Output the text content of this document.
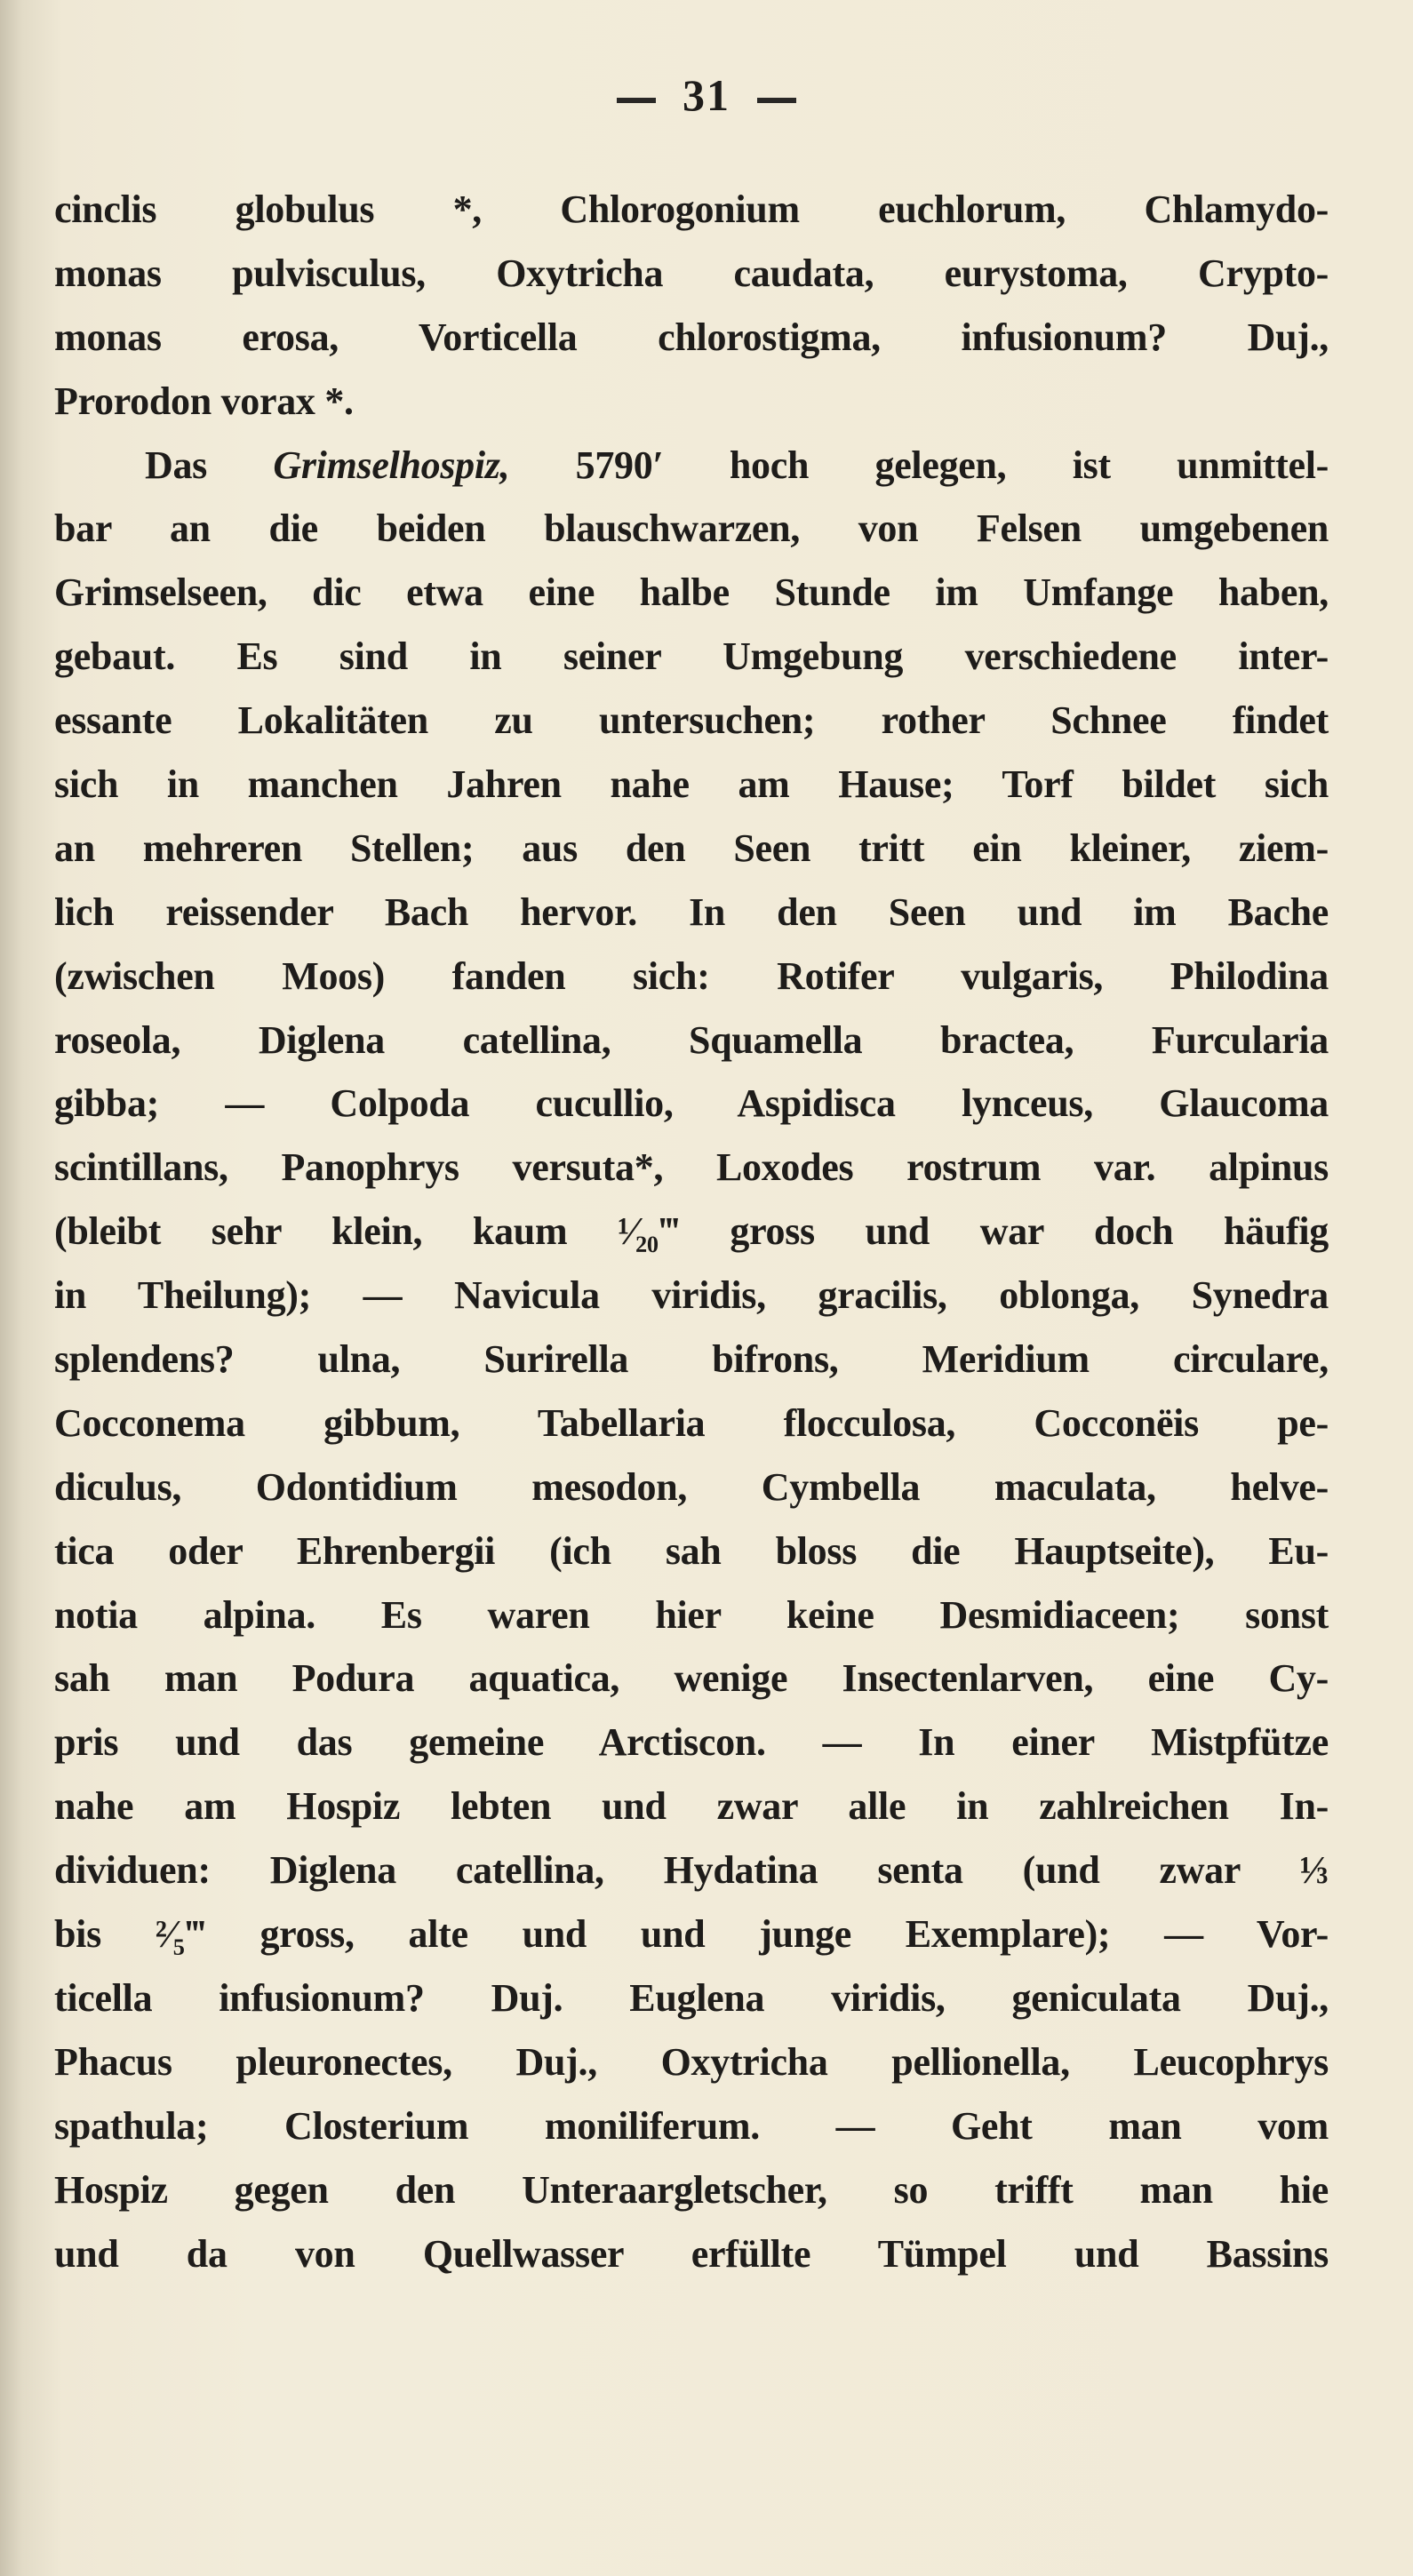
31
cinclis globulus *, Chlorogonium euchlorum, Chlamydo-
monas pulvisculus, Oxytricha caudata, eurystoma, Crypto-
monas erosa, Vorticella chlorostigma, infusionum? Duj.,
Prorodon vorax *.
Das Grimselhospiz, 5790′ hoch gelegen, ist unmittel-
bar an die beiden blauschwarzen, von Felsen umgebenen
Grimselseen, dic etwa eine halbe Stunde im Umfange haben,
gebaut. Es sind in seiner Umgebung verschiedene inter-
essante Lokalitäten zu untersuchen; rother Schnee findet
sich in manchen Jahren nahe am Hause; Torf bildet sich
an mehreren Stellen; aus den Seen tritt ein kleiner, ziem-
lich reissender Bach hervor. In den Seen und im Bache
(zwischen Moos) fanden sich: Rotifer vulgaris, Philodina
roseola, Diglena catellina, Squamella bractea, Furcularia
gibba; — Colpoda cucullio, Aspidisca lynceus, Glaucoma
scintillans, Panophrys versuta*, Loxodes rostrum var. alpinus
(bleibt sehr klein, kaum ¹⁄₂₀‴ gross und war doch häufig
in Theilung); — Navicula viridis, gracilis, oblonga, Synedra
splendens? ulna, Surirella bifrons, Meridium circulare,
Cocconema gibbum, Tabellaria flocculosa, Cocconëis pe-
diculus, Odontidium mesodon, Cymbella maculata, helve-
tica oder Ehrenbergii (ich sah bloss die Hauptseite), Eu-
notia alpina. Es waren hier keine Desmidiaceen; sonst
sah man Podura aquatica, wenige Insectenlarven, eine Cy-
pris und das gemeine Arctiscon. — In einer Mistpfütze
nahe am Hospiz lebten und zwar alle in zahlreichen In-
dividuen: Diglena catellina, Hydatina senta (und zwar ⅓
bis ²⁄₅‴ gross, alte und und junge Exemplare); — Vor-
ticella infusionum? Duj. Euglena viridis, geniculata Duj.,
Phacus pleuronectes, Duj., Oxytricha pellionella, Leucophrys
spathula; Closterium moniliferum. — Geht man vom
Hospiz gegen den Unteraargletscher, so trifft man hie
und da von Quellwasser erfüllte Tümpel und Bassins
